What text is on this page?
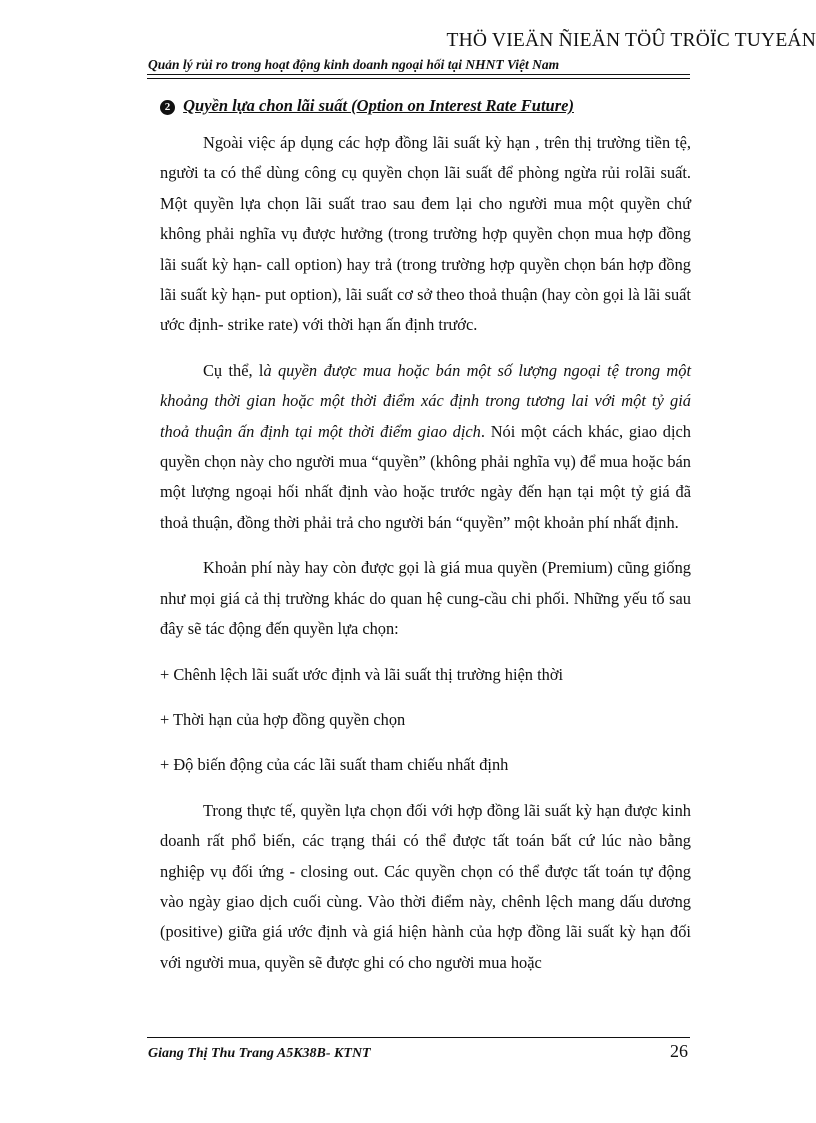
THÖ VIEÄN ÑIEÄN TÖÛ TRÖÏC TUYEÁN
Quản lý rủi ro trong hoạt động kinh doanh ngoại hối tại NHNT Việt Nam
2 Quyền lựa chon lãi suất (Option on Interest Rate Future)

Ngoài việc áp dụng các hợp đồng lãi suất kỳ hạn , trên thị trường tiền tệ, người ta có thể dùng công cụ quyền chọn lãi suất để phòng ngừa rủi rolãi suất. Một quyền lựa chọn lãi suất trao sau đem lại cho người mua một quyền chứ không phải nghĩa vụ được hưởng (trong trường hợp quyền chọn mua hợp đồng lãi suất kỳ hạn- call option) hay trả (trong trường hợp quyền chọn bán hợp đồng lãi suất kỳ hạn- put option), lãi suất cơ sở theo thoả thuận (hay còn gọi là lãi suất ước định- strike rate) với thời hạn ấn định trước.

Cụ thể, là quyền được mua hoặc bán một số lượng ngoại tệ trong một khoảng thời gian hoặc một thời điểm xác định trong tương lai với một tỷ giá thoả thuận ấn định tại một thời điểm giao dịch. Nói một cách khác, giao dịch quyền chọn này cho người mua “quyền” (không phải nghĩa vụ) để mua hoặc bán một lượng ngoại hối nhất định vào hoặc trước ngày đến hạn tại một tỷ giá đã thoả thuận, đồng thời phải trả cho người bán “quyền” một khoản phí nhất định.

Khoản phí này hay còn được gọi là giá mua quyền (Premium) cũng giống như mọi giá cả thị trường khác do quan hệ cung-cầu chi phối. Những yếu tố sau đây sẽ tác động đến quyền lựa chọn:

+ Chênh lệch lãi suất ước định và lãi suất thị trường hiện thời

+ Thời hạn của hợp đồng quyền chọn

+ Độ biến động của các lãi suất tham chiếu nhất định

Trong thực tế, quyền lựa chọn đối với hợp đồng lãi suất kỳ hạn được kinh doanh rất phổ biến, các trạng thái có thể được tất toán bất cứ lúc nào bằng nghiệp vụ đối ứng - closing out. Các quyền chọn có thể được tất toán tự động vào ngày giao dịch cuối cùng. Vào thời điểm này, chênh lệch mang dấu dương (positive) giữa giá ước định và giá hiện hành của hợp đồng lãi suất kỳ hạn đối với người mua, quyền sẽ được ghi có cho người mua hoặc

Giang Thị Thu Trang A5K38B- KTNT	26
